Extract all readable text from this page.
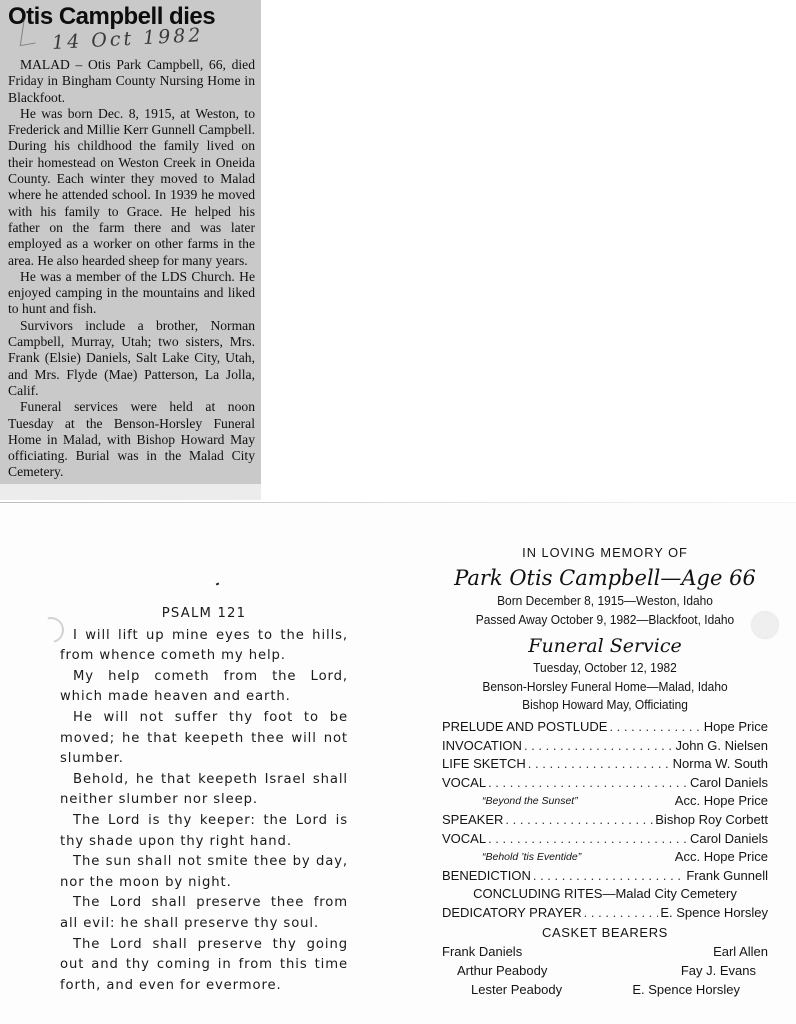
Otis Campbell dies
14 Oct 1982

MALAD – Otis Park Campbell, 66, died Friday in Bingham County Nursing Home in Blackfoot.

He was born Dec. 8, 1915, at Weston, to Frederick and Millie Kerr Gunnell Campbell. During his childhood the family lived on their homestead on Weston Creek in Oneida County. Each winter they moved to Malad where he attended school. In 1939 he moved with his family to Grace. He helped his father on the farm there and was later employed as a worker on other farms in the area. He also hearded sheep for many years.

He was a member of the LDS Church. He enjoyed camping in the mountains and liked to hunt and fish.

Survivors include a brother, Norman Campbell, Murray, Utah; two sisters, Mrs. Frank (Elsie) Daniels, Salt Lake City, Utah, and Mrs. Flyde (Mae) Patterson, La Jolla, Calif.

Funeral services were held at noon Tuesday at the Benson-Horsley Funeral Home in Malad, with Bishop Howard May officiating. Burial was in the Malad City Cemetery.

PSALM 121

I will lift up mine eyes to the hills, from whence cometh my help.

My help cometh from the Lord, which made heaven and earth.

He will not suffer thy foot to be moved; he that keepeth thee will not slumber.

Behold, he that keepeth Israel shall neither slumber nor sleep.

The Lord is thy keeper: the Lord is thy shade upon thy right hand.

The sun shall not smite thee by day, nor the moon by night.

The Lord shall preserve thee from all evil: he shall preserve thy soul.

The Lord shall preserve thy going out and thy coming in from this time forth, and even for evermore.

IN LOVING MEMORY OF
Park Otis Campbell—Age 66
Born December 8, 1915—Weston, Idaho
Passed Away October 9, 1982—Blackfoot, Idaho
Funeral Service
Tuesday, October 12, 1982
Benson-Horsley Funeral Home—Malad, Idaho
Bishop Howard May, Officiating
PRELUDE AND POSTLUDE . . .	Hope Price
INVOCATION . . .	John G. Nielsen
LIFE SKETCH . . .	Norma W. South
VOCAL . . .	Carol Daniels
“Beyond the Sunset”	Acc. Hope Price
SPEAKER . . .	Bishop Roy Corbett
VOCAL . . .	Carol Daniels
“Behold ’tis Eventide”	Acc. Hope Price
BENEDICTION . . .	Frank Gunnell
CONCLUDING RITES—Malad City Cemetery
DEDICATORY PRAYER . . .	E. Spence Horsley
CASKET BEARERS
Frank Daniels	Earl Allen
Arthur Peabody	Fay J. Evans
Lester Peabody	E. Spence Horsley
